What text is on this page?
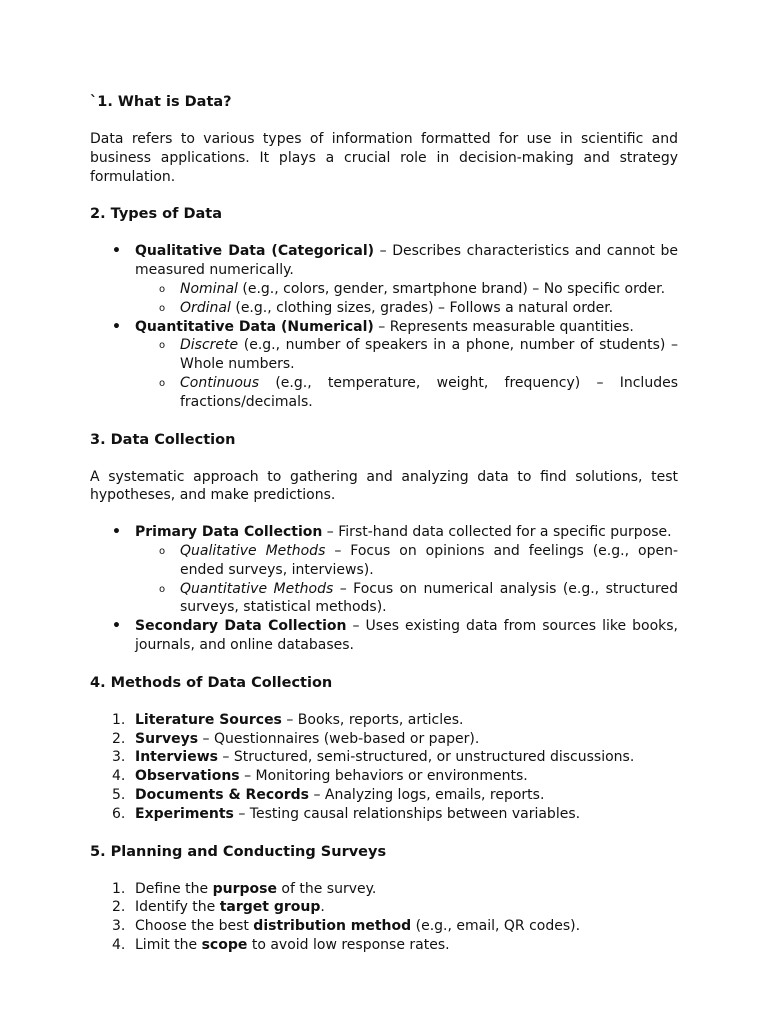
`1. What is Data?

Data refers to various types of information formatted for use in scientific and business applications. It plays a crucial role in decision-making and strategy formulation.

2. Types of Data
• Qualitative Data (Categorical) – Describes characteristics and cannot be measured numerically.
o Nominal (e.g., colors, gender, smartphone brand) – No specific order.
o Ordinal (e.g., clothing sizes, grades) – Follows a natural order.
• Quantitative Data (Numerical) – Represents measurable quantities.
o Discrete (e.g., number of speakers in a phone, number of students) – Whole numbers.
o Continuous (e.g., temperature, weight, frequency) – Includes fractions/decimals.
3. Data Collection

A systematic approach to gathering and analyzing data to find solutions, test hypotheses, and make predictions.

• Primary Data Collection – First-hand data collected for a specific purpose.
o Qualitative Methods – Focus on opinions and feelings (e.g., open-ended surveys, interviews).
o Quantitative Methods – Focus on numerical analysis (e.g., structured surveys, statistical methods).
• Secondary Data Collection – Uses existing data from sources like books, journals, and online databases.
4. Methods of Data Collection
1. Literature Sources – Books, reports, articles.
2. Surveys – Questionnaires (web-based or paper).
3. Interviews – Structured, semi-structured, or unstructured discussions.
4. Observations – Monitoring behaviors or environments.
5. Documents & Records – Analyzing logs, emails, reports.
6. Experiments – Testing causal relationships between variables.
5. Planning and Conducting Surveys
1. Define the purpose of the survey.
2. Identify the target group.
3. Choose the best distribution method (e.g., email, QR codes).
4. Limit the scope to avoid low response rates.
